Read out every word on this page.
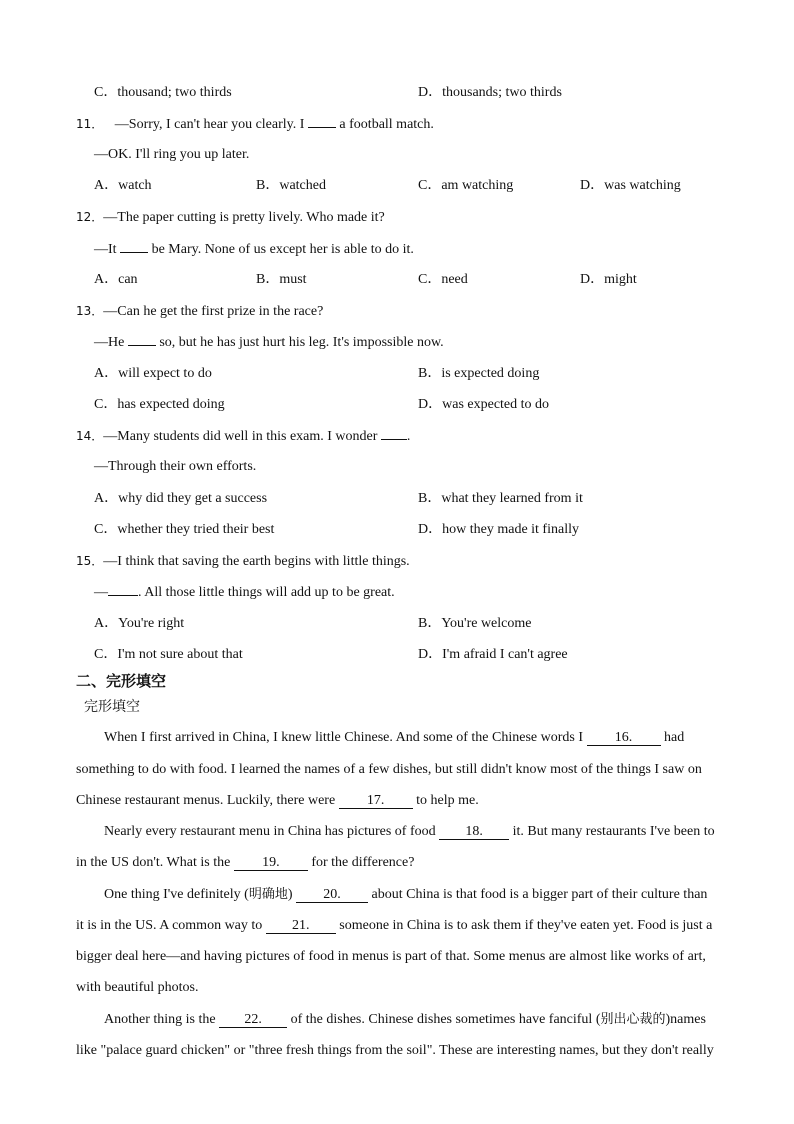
C．thousand; two thirds	D．thousands; two thirds
11． —Sorry, I can't hear you clearly. I	a football match.
—OK. I'll ring you up later.
A．watch	B．watched	C．am watching	D．was watching
12．—The paper cutting is pretty lively. Who made it?
—It	be Mary. None of us except her is able to do it.
A．can	B．must	C．need	D．might
13．—Can he get the first prize in the race?
—He	so, but he has just hurt his leg. It's impossible now.
A．will expect to do	B．is expected doing
C．has expected doing	D．was expected to do
14．—Many students did well in this exam. I wonder .
—Through their own efforts.
A．why did they get a success	B．what they learned from it
C．whether they tried their best	D．how they made it finally
15．—I think that saving the earth begins with little things.
— . All those little things will add up to be great.
A．You're right	B．You're welcome
C．I'm not sure about that	D．I'm afraid I can't agree
二、完形填空
完形填空
When I first arrived in China, I knew little Chinese. And some of the Chinese words I 16. had
something to do with food. I learned the names of a few dishes, but still didn't know most of the things I saw on
Chinese restaurant menus. Luckily, there were 17. to help me.
Nearly every restaurant menu in China has pictures of food 18. it. But many restaurants I've been to
in the US don't. What is the 19. for the difference?
One thing I've definitely (明确地) 20. about China is that food is a bigger part of their culture than
it is in the US. A common way to 21. someone in China is to ask them if they've eaten yet. Food is just a
bigger deal here—and having pictures of food in menus is part of that. Some menus are almost like works of art,
with beautiful photos.
Another thing is the 22. of the dishes. Chinese dishes sometimes have fanciful (别出心裁的)names
like "palace guard chicken" or "three fresh things from the soil". These are interesting names, but they don't really
